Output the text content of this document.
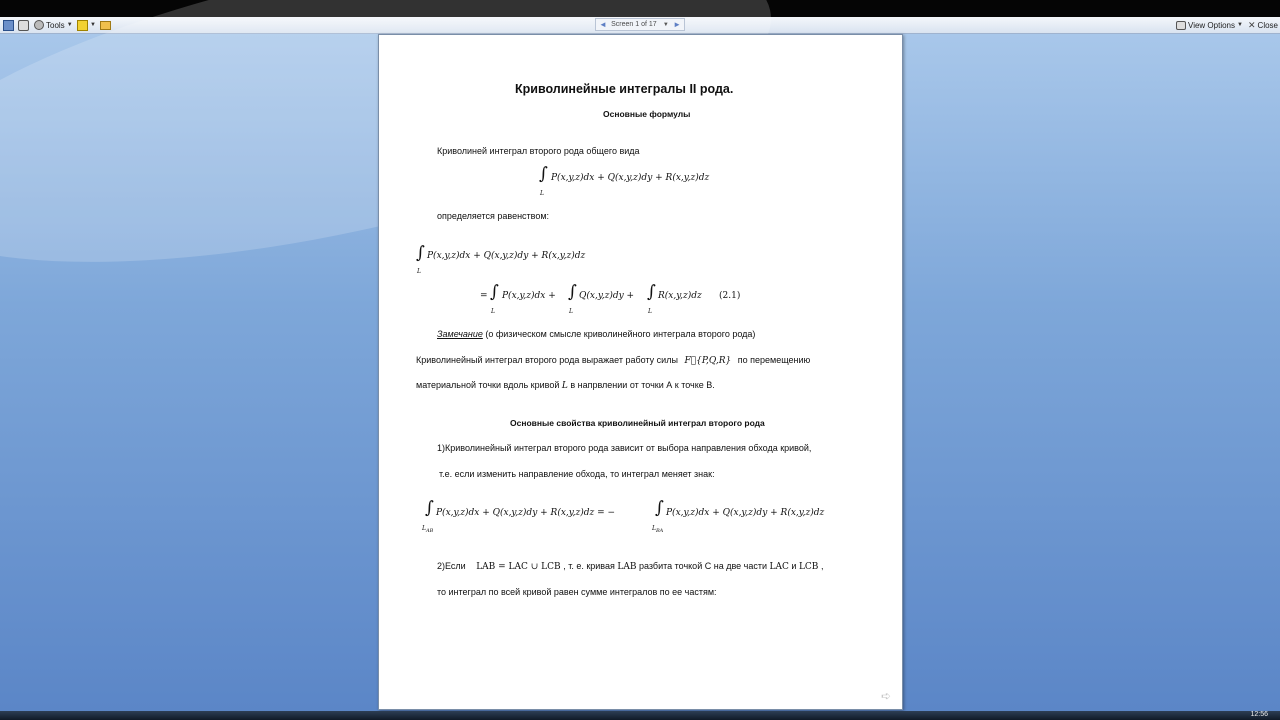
Tools ▼	▼	View Options ▼ ✕ Close
Криволинейные интегралы II рода.
Основные формулы
Криволиней интеграл второго рода общего вида
∫
L
P(x,y,z)dx + Q(x,y,z)dy + R(x,y,z)dz
определяется равенством:
∫
L
P(x,y,z)dx + Q(x,y,z)dy + R(x,y,z)dz
= ∫
L
P(x,y,z)dx + ∫
L
Q(x,y,z)dy + ∫
L
R(x,y,z)dz (2.1)
Замечание (о физическом смысле криволинейного интеграла второго рода)
Криволинейный интеграл второго рода выражает работу силы F⃗{P,Q,R} по перемещению
материальной точки вдоль кривой L в напрвлении от точки А к точке В.
Основные свойства криволинейный интеграл второго рода
1)Криволинейный интеграл второго рода зависит от выбора направления обхода кривой,
т.е. если изменить направление обхода, то интеграл меняет знак:
∫
$L_{AB}$
P(x,y,z)dx + Q(x,y,z)dy + R(x,y,z)dz = − ∫
$L_{BA}$
P(x,y,z)dx + Q(x,y,z)dy + R(x,y,z)dz
2)Если LAB = LAC ∪ LCB , т. е. кривая LAB разбита точкой С на две части LAC и LCB ,
то интеграл по всей кривой равен сумме интегралов по ее частям:
➪
12:56
